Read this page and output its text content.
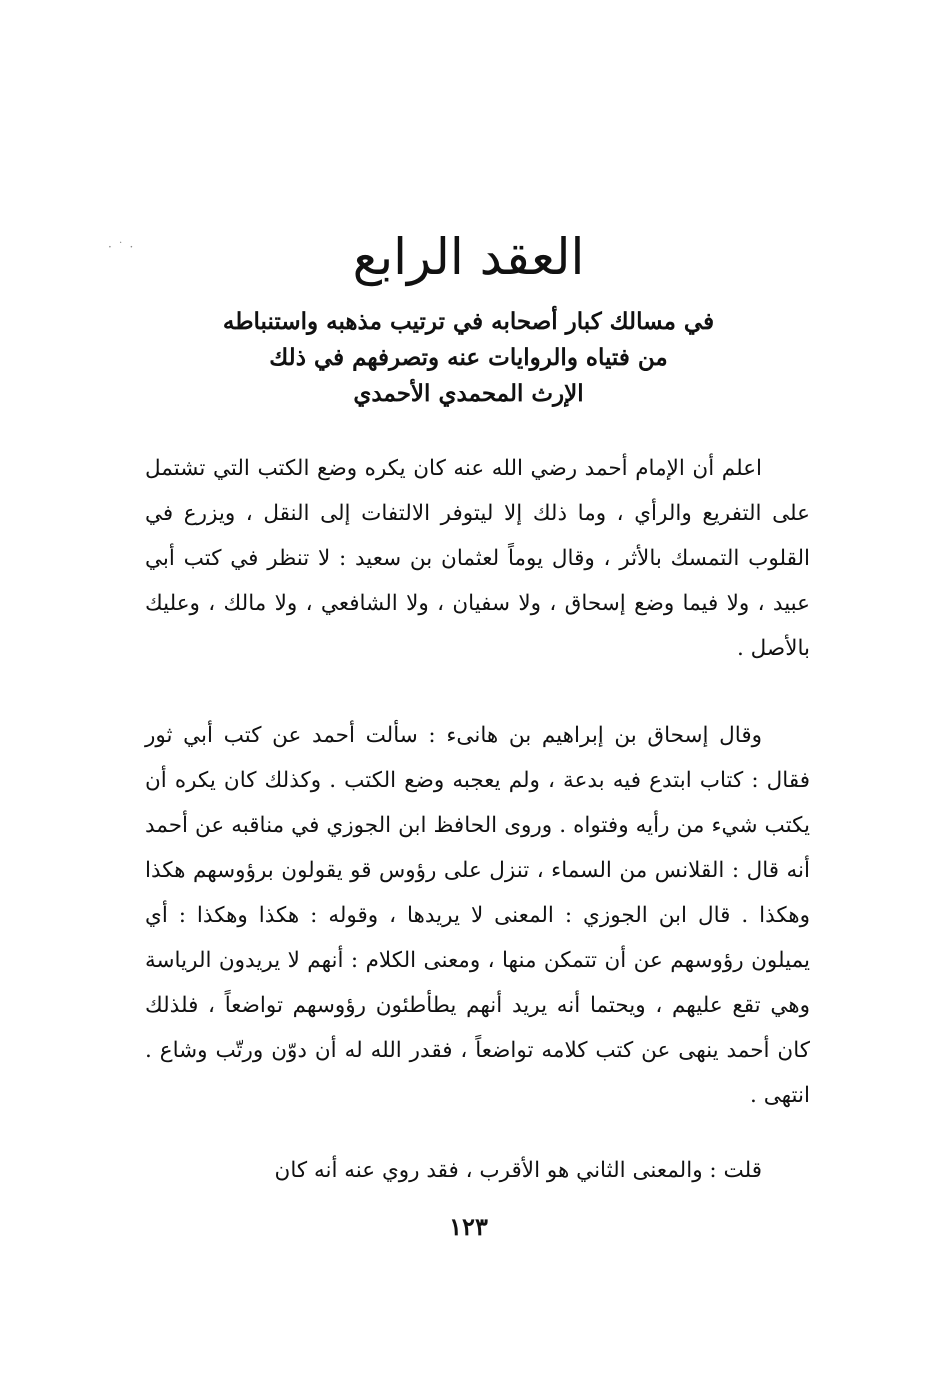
· ˙ ·	العقد الرابع
في مسالك كبار أصحابه في ترتيب مذهبه واستنباطه
من فتياه والروايات عنه وتصرفهم في ذلك
الإرث المحمدي الأحمدي

اعلم أن الإمام أحمد رضي الله عنه كان يكره وضع الكتب التي تشتمل على التفريع والرأي ، وما ذلك إلا ليتوفر الالتفات إلى النقل ، ويزرع في القلوب التمسك بالأثر ، وقال يوماً لعثمان بن سعيد : لا تنظر في كتب أبي عبيد ، ولا فيما وضع إسحاق ، ولا سفيان ، ولا الشافعي ، ولا مالك ، وعليك بالأصل .

وقال إسحاق بن إبراهيم بن هانىء : سألت أحمد عن كتب أبي ثور فقال : كتاب ابتدع فيه بدعة ، ولم يعجبه وضع الكتب . وكذلك كان يكره أن يكتب شيء من رأيه وفتواه . وروى الحافظ ابن الجوزي في مناقبه عن أحمد أنه قال : القلانس من السماء ، تنزل على رؤوس قو يقولون برؤوسهم هكذا وهكذا . قال ابن الجوزي : المعنى لا يريدها ، وقوله : هكذا وهكذا : أي يميلون رؤوسهم عن أن تتمكن منها ، ومعنى الكلام : أنهم لا يريدون الرياسة وهي تقع عليهم ، ويحتما أنه يريد أنهم يطأطئون رؤوسهم تواضعاً ، فلذلك كان أحمد ينهى عن كتب كلامه تواضعاً ، فقدر الله له أن دوّن ورتّب وشاع . انتهى .

قلت : والمعنى الثاني هو الأقرب ، فقد روي عنه أنه كان

١٢٣
